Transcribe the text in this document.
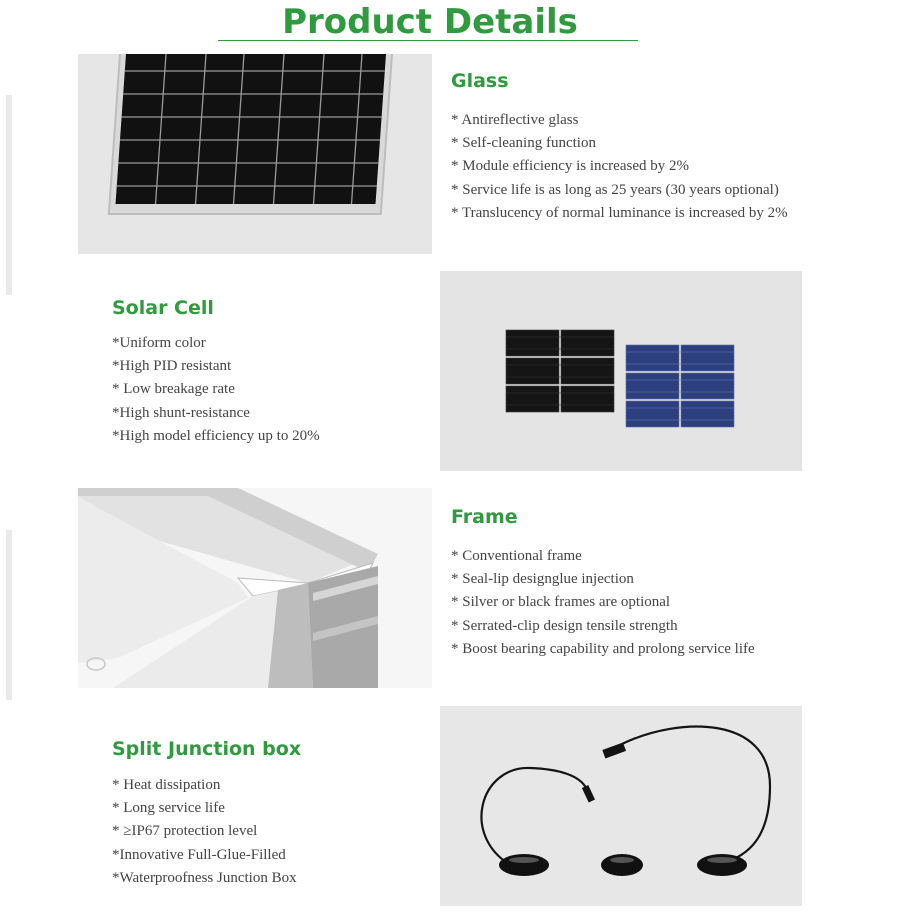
Product Details
Glass
* Antireflective glass
* Self-cleaning function
* Module efficiency is increased by 2%
* Service life is as long as 25 years (30 years optional)
* Translucency of normal luminance is increased by 2%
Solar Cell
*Uniform color
*High PID resistant
* Low breakage rate
*High shunt-resistance
*High model efficiency up to 20%
Frame
* Conventional frame
* Seal-lip designglue injection
* Silver or black frames are optional
* Serrated-clip design tensile strength
* Boost bearing capability and prolong service life
Split Junction box
* Heat dissipation
* Long service life
* ≥IP67 protection level
*Innovative Full-Glue-Filled
*Waterproofness Junction Box
